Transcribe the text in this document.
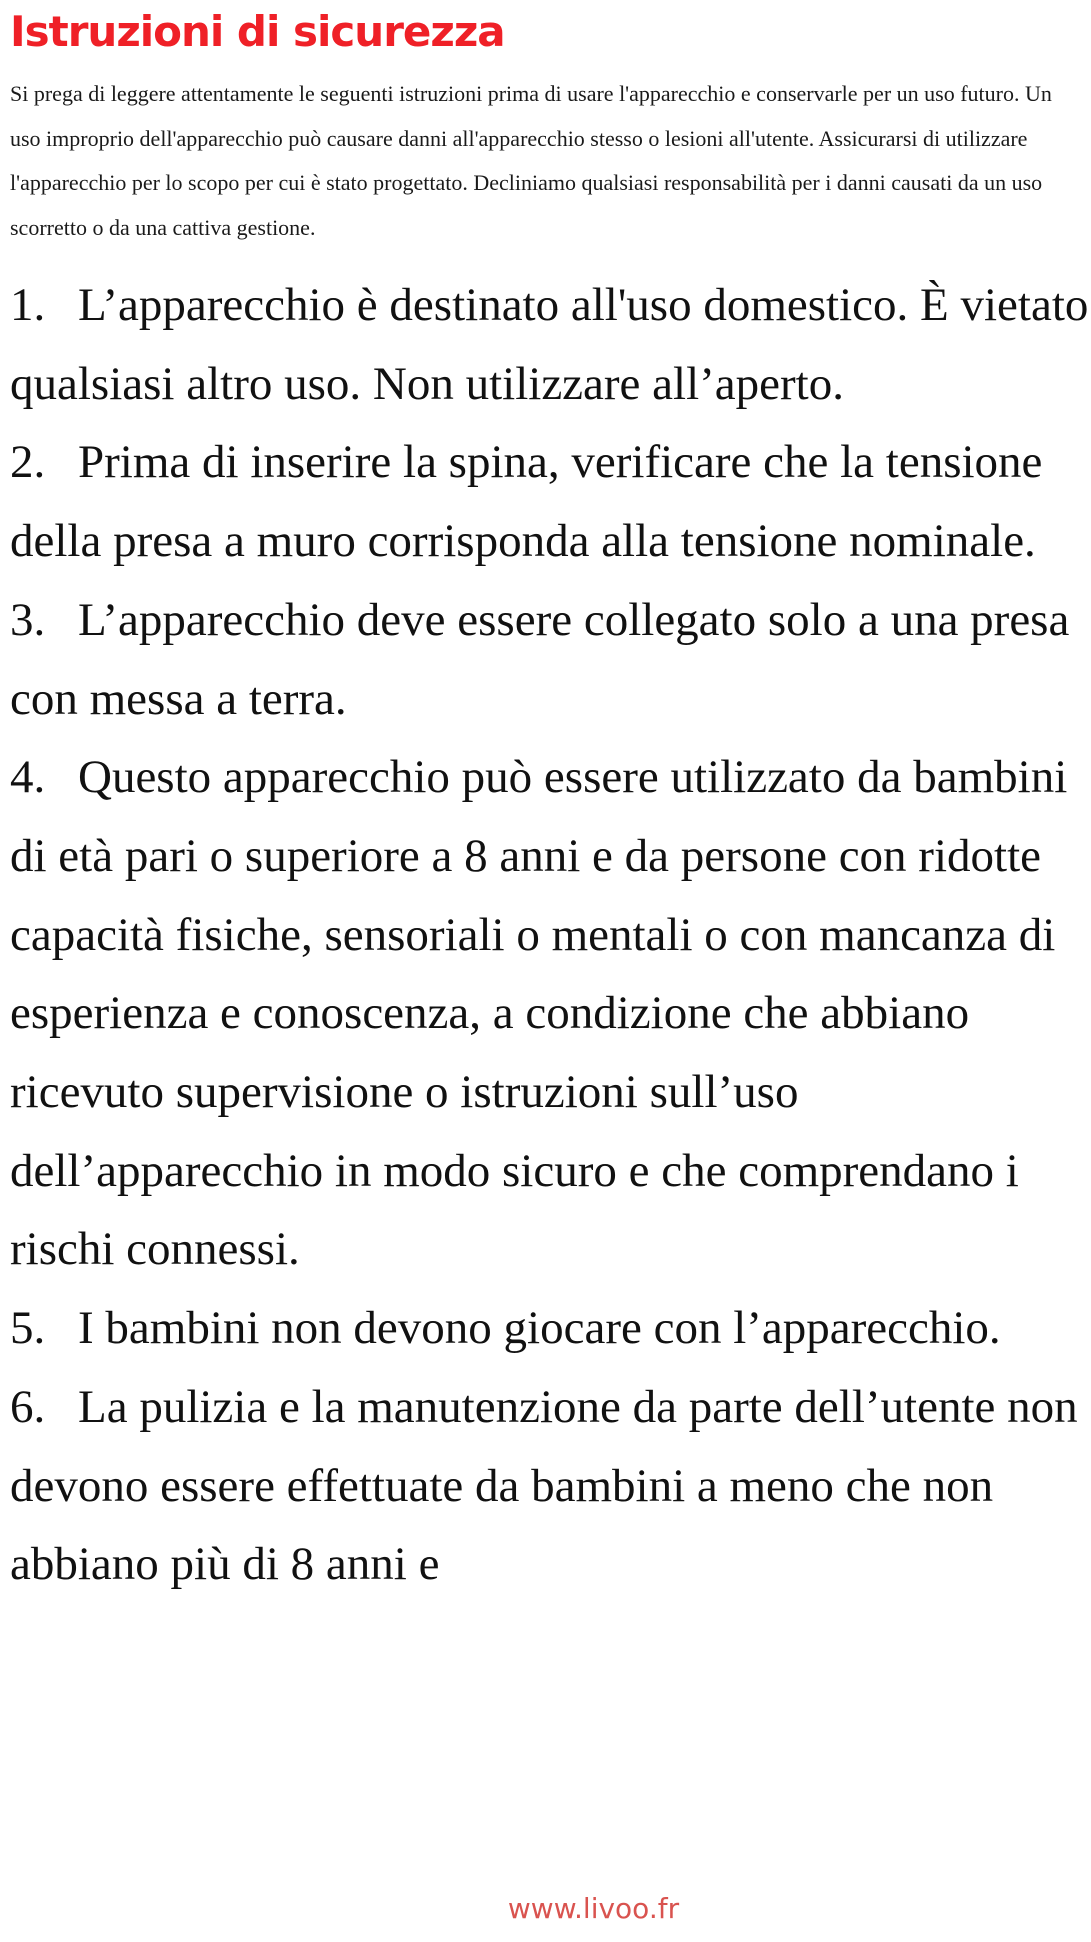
Istruzioni di sicurezza

Si prega di leggere attentamente le seguenti istruzioni prima di usare l'apparecchio e conservarle per un uso futuro. Un uso improprio dell'apparecchio può causare danni all'apparecchio stesso o lesioni all'utente. Assicurarsi di utilizzare l'apparecchio per lo scopo per cui è stato progettato. Decliniamo qualsiasi responsabilità per i danni causati da un uso scorretto o da una cattiva gestione.

1. L’apparecchio è destinato all'uso domestico. È vietato qualsiasi altro uso. Non utilizzare all’aperto.
2. Prima di inserire la spina, verificare che la tensione della presa a muro corrisponda alla tensione nominale.
3. L’apparecchio deve essere collegato solo a una presa con messa a terra.
4. Questo apparecchio può essere utilizzato da bambini di età pari o superiore a 8 anni e da persone con ridotte capacità fisiche, sensoriali o mentali o con mancanza di esperienza e conoscenza, a condizione che abbiano ricevuto supervisione o istruzioni sull’uso dell’apparecchio in modo sicuro e che comprendano i rischi connessi.
5. I bambini non devono giocare con l’apparecchio.
6. La pulizia e la manutenzione da parte dell’utente non devono essere effettuate da bambini a meno che non abbiano più di 8 anni e
www.livoo.fr
